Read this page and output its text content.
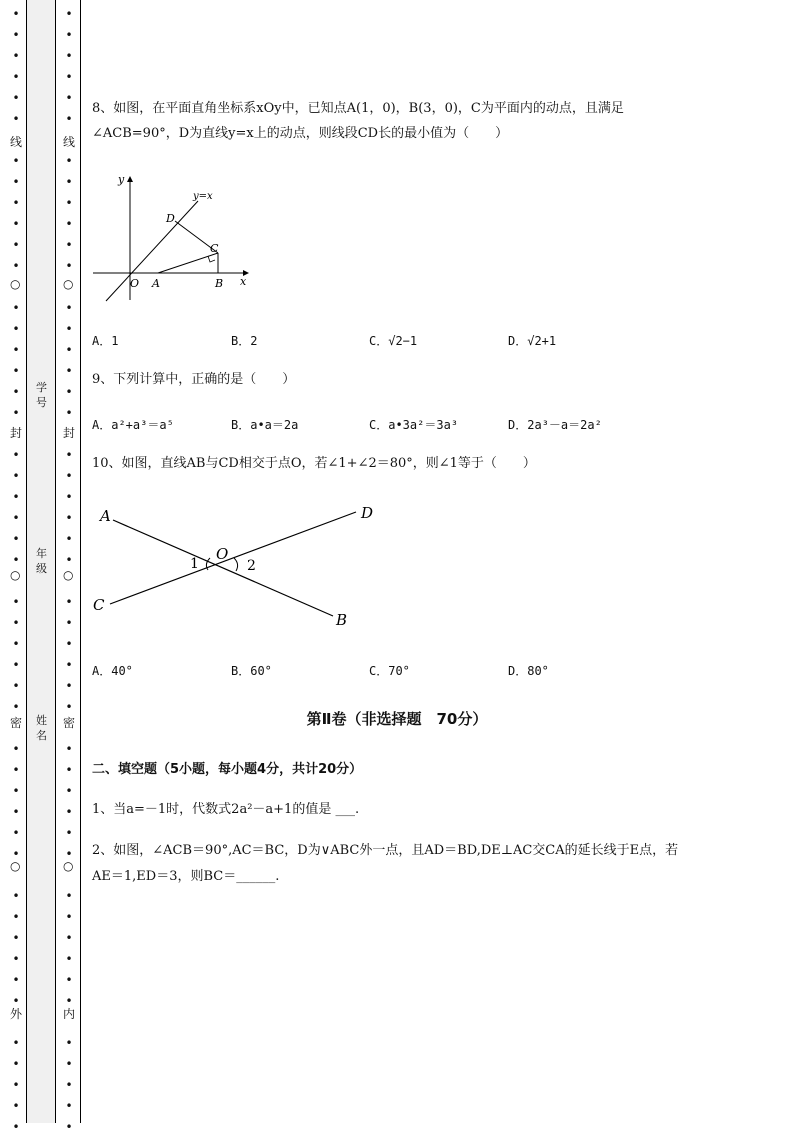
•
•
•
•
•
•
•
•
•
•
•
•
•
•
•
•
•
•
•
•
•
•
•
•
•
•
•
•
•
•
•
•
•
•
•
•
•
•
•
•
•
•
•
•
•
•
•
•
•
•
•
•
•
•
•
•
•
•
•
•
•
•
•
•
•
•
•
•
•
•
•
•
•
•
•
•
•
•
•
•
•
•
•
•
•
•
•
•
•
•
•
•
•
•
线
○
封
○
密
○
外
线
○
封
○
密
○
内
学号
年级
姓名
8、如图，在平面直角坐标系xOy中，已知点A(1，0)，B(3，0)，C为平面内的动点，且满足
∠ACB=90°，D为直线y=x上的动点，则线段CD长的最小值为（　　）
y
x
O A	B
C
D
y=x
A．1	B．2	C．√2−1	D．√2+1
9、下列计算中，正确的是（　　）
A．a²+a³＝a⁵	B．a•a＝2a	C．a•3a²＝3a³	D．2a³－a＝2a²
10、如图，直线AB与CD相交于点O，若∠1+∠2＝80°，则∠1等于（　　）
A
B
C
D
O
1	2
A．40°	B．60°	C．70°	D．80°
第Ⅱ卷（非选择题　70分）
二、填空题（5小题，每小题4分，共计20分）
1、当a=－1时，代数式2a²－a+1的值是 ___.
2、如图，∠ACB＝90°,AC＝BC，D为∨ABC外一点，且AD＝BD,DE⊥AC交CA的延长线于E点，若
AE＝1,ED＝3，则BC＝______.
